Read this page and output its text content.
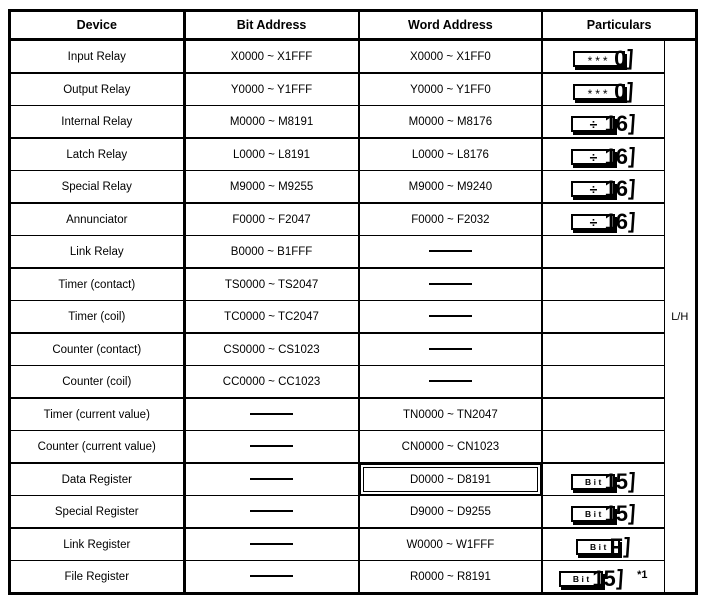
Device	Bit Address	Word Address	Particulars	
Input Relay	X0000 ~ X1FFF	X0000 ~ X1FF0	*** 0 ]	L/H
Output Relay	Y0000 ~ Y1FFF	Y0000 ~ Y1FF0	*** 0 ]	

Internal Relay	M0000 ~ M8191	M0000 ~ M8176	÷ 16 ]	

Latch Relay	L0000 ~ L8191	L0000 ~ L8176	÷ 16 ]	

Special Relay	M9000 ~ M9255	M9000 ~ M9240	÷ 16 ]	

Annunciator	F0000 ~ F2047	F0000 ~ F2032	÷ 16 ]	

Link Relay	B0000 ~ B1FFF			
Timer (contact)	TS0000 ~ TS2047			
Timer (coil)	TC0000 ~ TC2047			
Counter (contact)	CS0000 ~ CS1023			
Counter (coil)	CC0000 ~ CC1023			
Timer (current value)		TN0000 ~ TN2047		
Counter (current value)		CN0000 ~ CN1023		
Data Register		D0000 ~ D8191	Bit 15 ]	

Special Register		D9000 ~ D9255	Bit 15 ]	

Link Register		W0000 ~ W1FFF	Bit F ]	

File Register		R0000 ~ R8191	Bit 15 ] *1	
